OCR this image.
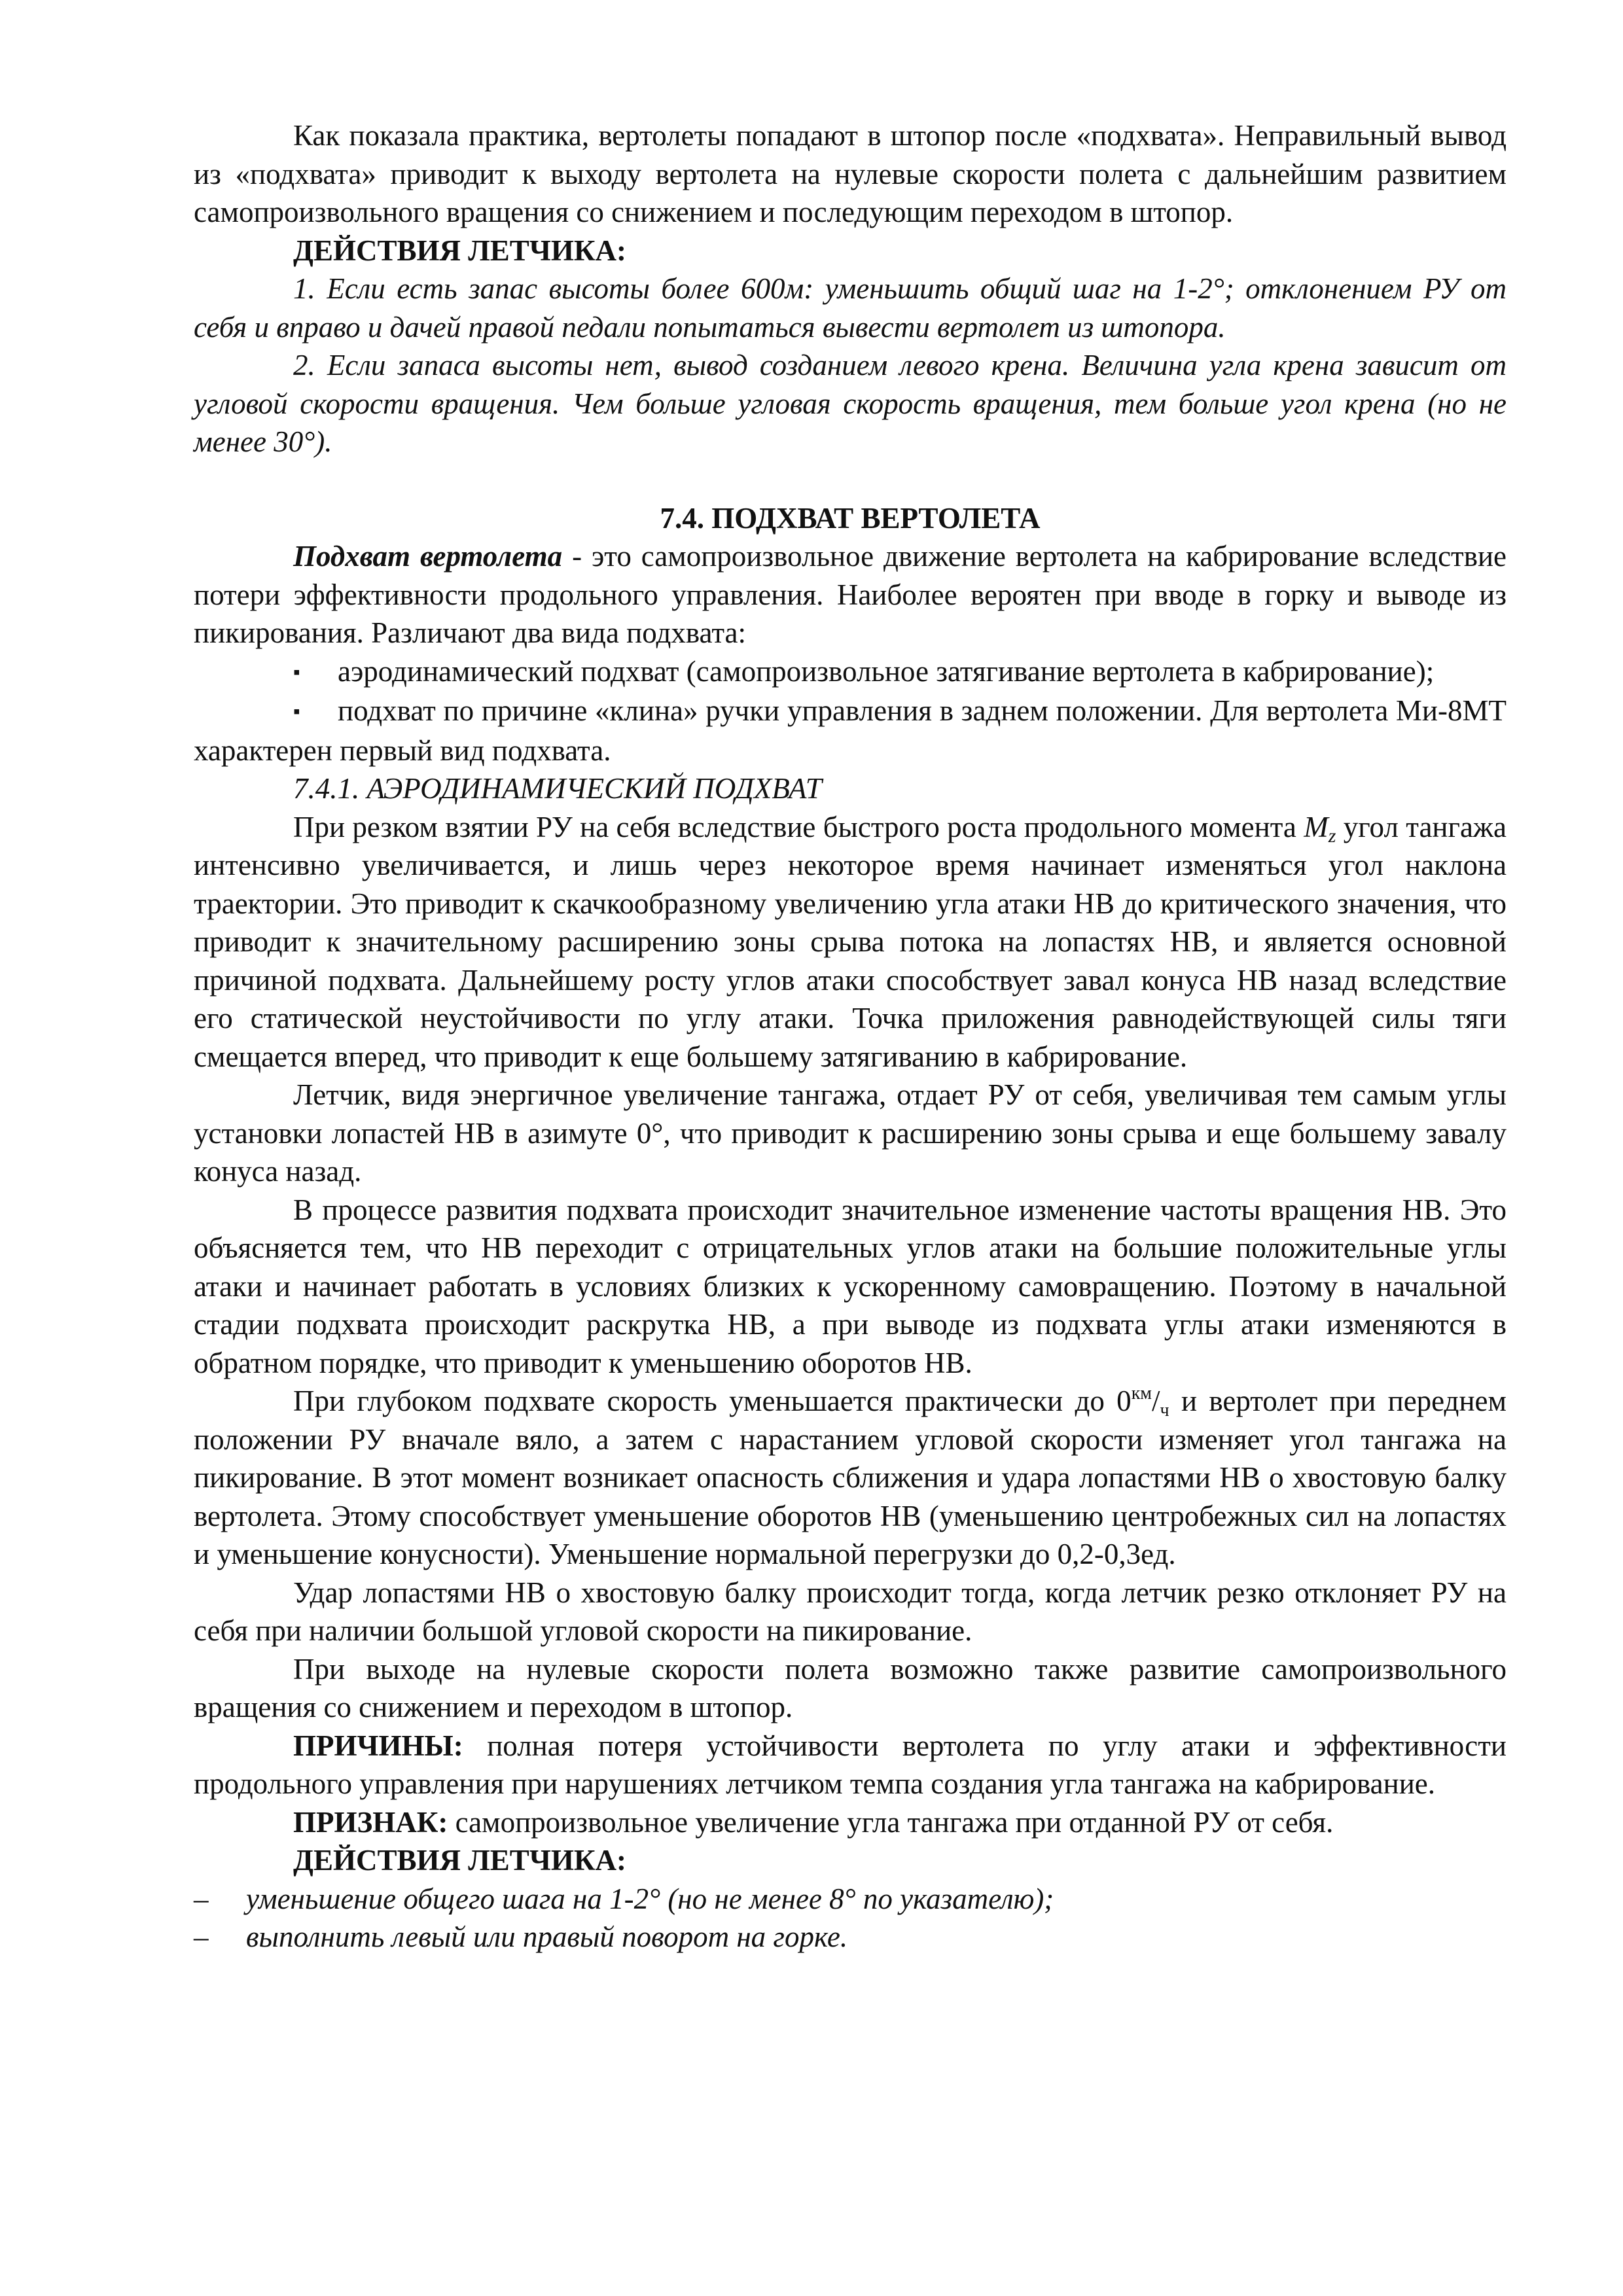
Как показала практика, вертолеты попадают в штопор после «подхвата». Неправильный вывод из «подхвата» приводит к выходу вертолета на нулевые скорости полета с дальнейшим развитием самопроизвольного вращения со снижением и последующим переходом в штопор.

ДЕЙСТВИЯ ЛЕТЧИКА:

1. Если есть запас высоты более 600м: уменьшить общий шаг на 1-2°; отклонением РУ от себя и вправо и дачей правой педали попытаться вывести вертолет из штопора.

2. Если запаса высоты нет, вывод созданием левого крена. Величина угла крена зависит от угловой скорости вращения. Чем больше угловая скорость вращения, тем больше угол крена (но не менее 30°).

7.4. ПОДХВАТ ВЕРТОЛЕТА

Подхват вертолета - это самопроизвольное движение вертолета на кабрирование вследствие потери эффективности продольного управления. Наиболее вероятен при вводе в горку и выводе из пикирования. Различают два вида подхвата:

▪ аэродинамический подхват (самопроизвольное затягивание вертолета в кабрирование);

▪ подхват по причине «клина» ручки управления в заднем положении. Для вертолета Ми-8МТ характерен первый вид подхвата.

7.4.1. АЭРОДИНАМИЧЕСКИЙ ПОДХВАТ

При резком взятии РУ на себя вследствие быстрого роста продольного момента $M_z$ угол тангажа интенсивно увеличивается, и лишь через некоторое время начинает изменяться угол наклона траектории. Это приводит к скачкообразному увеличению угла атаки НВ до критического значения, что приводит к значительному расширению зоны срыва потока на лопастях НВ, и является основной причиной подхвата. Дальнейшему росту углов атаки способствует завал конуса НВ назад вследствие его статической неустойчивости по углу атаки. Точка приложения равнодействующей силы тяги смещается вперед, что приводит к еще большему затягиванию в кабрирование.

Летчик, видя энергичное увеличение тангажа, отдает РУ от себя, увеличивая тем самым углы установки лопастей НВ в азимуте 0°, что приводит к расширению зоны срыва и еще большему завалу конуса назад.

В процессе развития подхвата происходит значительное изменение частоты вращения НВ. Это объясняется тем, что НВ переходит с отрицательных углов атаки на большие положительные углы атаки и начинает работать в условиях близких к ускоренному самовращению. Поэтому в начальной стадии подхвата происходит раскрутка НВ, а при выводе из подхвата углы атаки изменяются в обратном порядке, что приводит к уменьшению оборотов НВ.

При глубоком подхвате скорость уменьшается практически до $0^{км}/_ч$ и вертолет при переднем положении РУ вначале вяло, а затем с нарастанием угловой скорости изменяет угол тангажа на пикирование. В этот момент возникает опасность сближения и удара лопастями НВ о хвостовую балку вертолета. Этому способствует уменьшение оборотов НВ (уменьшению центробежных сил на лопастях и уменьшение конусности). Уменьшение нормальной перегрузки до 0,2-0,3ед.

Удар лопастями НВ о хвостовую балку происходит тогда, когда летчик резко отклоняет РУ на себя при наличии большой угловой скорости на пикирование.

При выходе на нулевые скорости полета возможно также развитие самопроизвольного вращения со снижением и переходом в штопор.

ПРИЧИНЫ: полная потеря устойчивости вертолета по углу атаки и эффективности продольного управления при нарушениях летчиком темпа создания угла тангажа на кабрирование.

ПРИЗНАК: самопроизвольное увеличение угла тангажа при отданной РУ от себя.

ДЕЙСТВИЯ ЛЕТЧИКА:

– уменьшение общего шага на 1-2° (но не менее 8° по указателю);

– выполнить левый или правый поворот на горке.
